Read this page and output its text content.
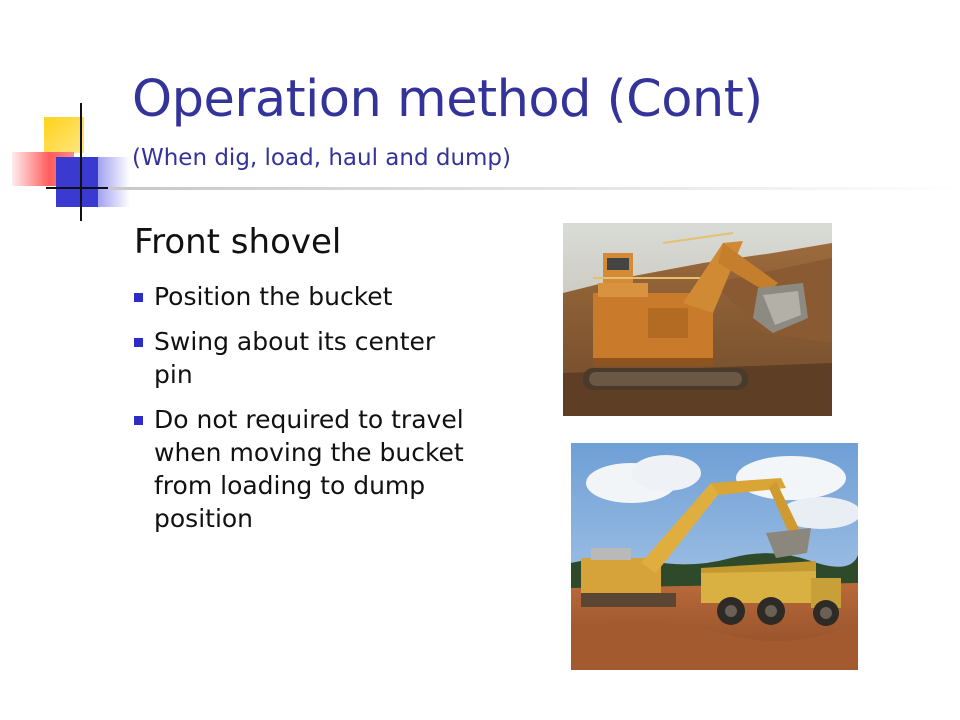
Operation method (Cont)
(When dig, load, haul and dump)
Front shovel
Position the bucket
Swing about its center pin
Do not required to travel when moving the bucket from loading to dump position
